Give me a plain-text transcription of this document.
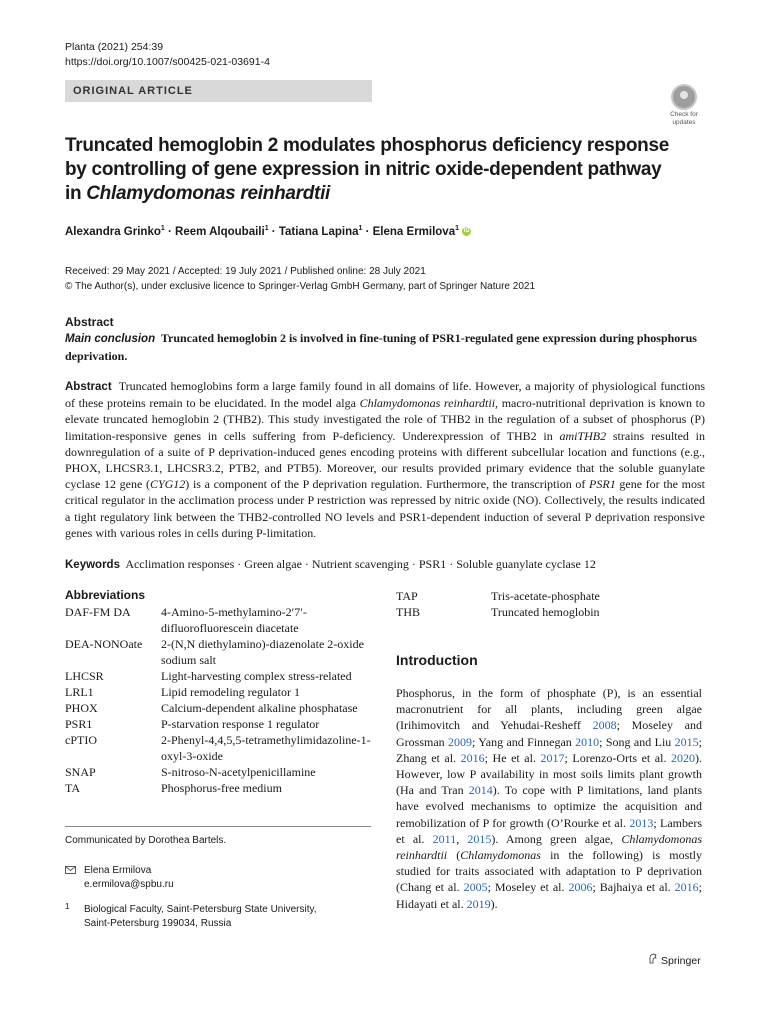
Planta (2021) 254:39
https://doi.org/10.1007/s00425-021-03691-4
ORIGINAL ARTICLE
Check for
updates
Truncated hemoglobin 2 modulates phosphorus deficiency response
by controlling of gene expression in nitric oxide-dependent pathway
in Chlamydomonas reinhardtii
Alexandra Grinko$^1$ · Reem Alqoubaili$^1$ · Tatiana Lapina$^1$ · Elena Ermilova$^1$ iD
Received: 29 May 2021 / Accepted: 19 July 2021 / Published online: 28 July 2021
© The Author(s), under exclusive licence to Springer-Verlag GmbH Germany, part of Springer Nature 2021
Abstract
Main conclusion Truncated hemoglobin 2 is involved in fine-tuning of PSR1-regulated gene expression during phosphorus deprivation.
Abstract Truncated hemoglobins form a large family found in all domains of life. However, a majority of physiological functions of these proteins remain to be elucidated. In the model alga Chlamydomonas reinhardtii, macro-nutritional deprivation is known to elevate truncated hemoglobin 2 (THB2). This study investigated the role of THB2 in the regulation of a subset of phosphorus (P) limitation-responsive genes in cells suffering from P-deficiency. Underexpression of THB2 in amiTHB2 strains resulted in downregulation of a suite of P deprivation-induced genes encoding proteins with different subcellular location and functions (e.g., PHOX, LHCSR3.1, LHCSR3.2, PTB2, and PTB5). Moreover, our results provided primary evidence that the soluble guanylate cyclase 12 gene (CYG12) is a component of the P deprivation regulation. Furthermore, the transcription of PSR1 gene for the most critical regulator in the acclimation process under P restriction was repressed by nitric oxide (NO). Collectively, the results indicated a tight regulatory link between the THB2-controlled NO levels and PSR1-dependent induction of several P deprivation responsive genes with various roles in cells during P-limitation.
Keywords Acclimation responses · Green algae · Nutrient scavenging · PSR1 · Soluble guanylate cyclase 12
Abbreviations
DAF-FM DA	4-Amino-5-methylamino-2′7′-difluorofluorescein diacetate
DEA-NONOate	2-(N,N diethylamino)-diazenolate 2-oxide sodium salt
LHCSR	Light-harvesting complex stress-related
LRL1	Lipid remodeling regulator 1
PHOX	Calcium-dependent alkaline phosphatase
PSR1	P-starvation response 1 regulator
cPTIO	2-Phenyl-4,4,5,5-tetramethylimidazoline-1-oxyl-3-oxide
SNAP	S-nitroso-N-acetylpenicillamine
TA	Phosphorus-free medium
TAP	Tris-acetate-phosphate
THB	Truncated hemoglobin
Communicated by Dorothea Bartels.
Elena Ermilova
e.ermilova@spbu.ru
1 Biological Faculty, Saint-Petersburg State University,
Saint-Petersburg 199034, Russia
Introduction
Phosphorus, in the form of phosphate (P), is an essential macronutrient for all plants, including green algae (Irihimovitch and Yehudai-Resheff 2008; Moseley and Grossman 2009; Yang and Finnegan 2010; Song and Liu 2015; Zhang et al. 2016; He et al. 2017; Lorenzo-Orts et al. 2020). However, low P availability in most soils limits plant growth (Ha and Tran 2014). To cope with P limitations, land plants have evolved mechanisms to optimize the acquisition and remobilization of P for growth (O’Rourke et al. 2013; Lambers et al. 2011, 2015). Among green algae, Chlamydomonas reinhardtii (Chlamydomonas in the following) is mostly studied for traits associated with adaptation to P deprivation (Chang et al. 2005; Moseley et al. 2006; Bajhaiya et al. 2016; Hidayati et al. 2019).
Springer
